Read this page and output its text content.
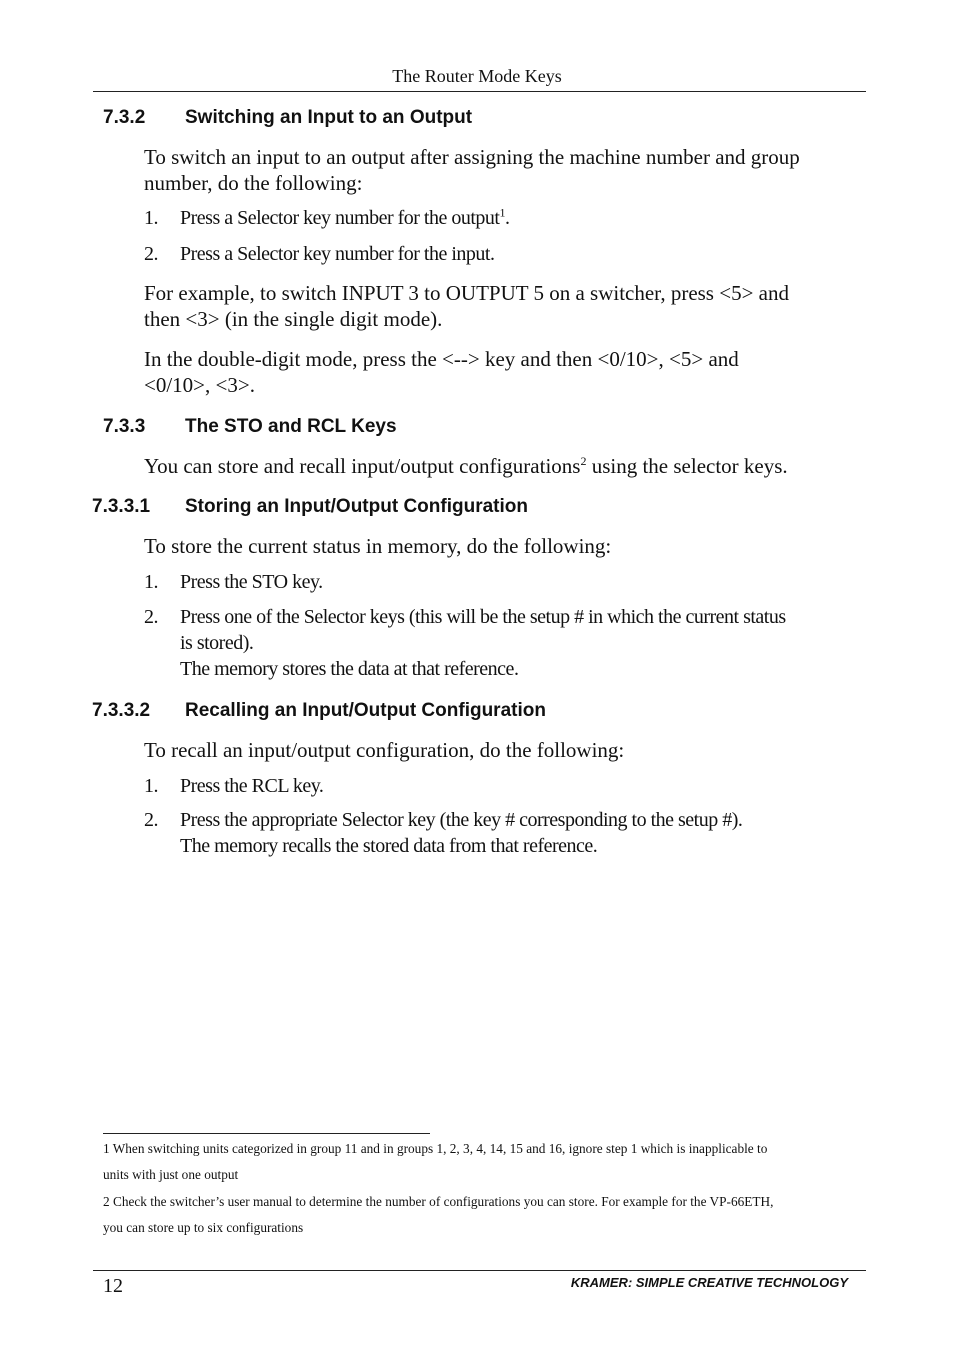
The Router Mode Keys
7.3.2 Switching an Input to an Output
To switch an input to an output after assigning the machine number and group
number, do the following:
1. Press a Selector key number for the output$^1$.
2. Press a Selector key number for the input.
For example, to switch INPUT 3 to OUTPUT 5 on a switcher, press <5> and
then <3> (in the single digit mode).
In the double-digit mode, press the <--> key and then <0/10>, <5> and
<0/10>, <3>.
7.3.3 The STO and RCL Keys
You can store and recall input/output configurations$^2$ using the selector keys.
7.3.3.1 Storing an Input/Output Configuration
To store the current status in memory, do the following:
1. Press the STO key.
2. Press one of the Selector keys (this will be the setup # in which the current status
is stored).
The memory stores the data at that reference.
7.3.3.2 Recalling an Input/Output Configuration
To recall an input/output configuration, do the following:
1. Press the RCL key.
2. Press the appropriate Selector key (the key # corresponding to the setup #).
The memory recalls the stored data from that reference.
1 When switching units categorized in group 11 and in groups 1, 2, 3, 4, 14, 15 and 16, ignore step 1 which is inapplicable to
units with just one output
2 Check the switcher’s user manual to determine the number of configurations you can store. For example for the VP-66ETH,
you can store up to six configurations
12	KRAMER: SIMPLE CREATIVE TECHNOLOGY
